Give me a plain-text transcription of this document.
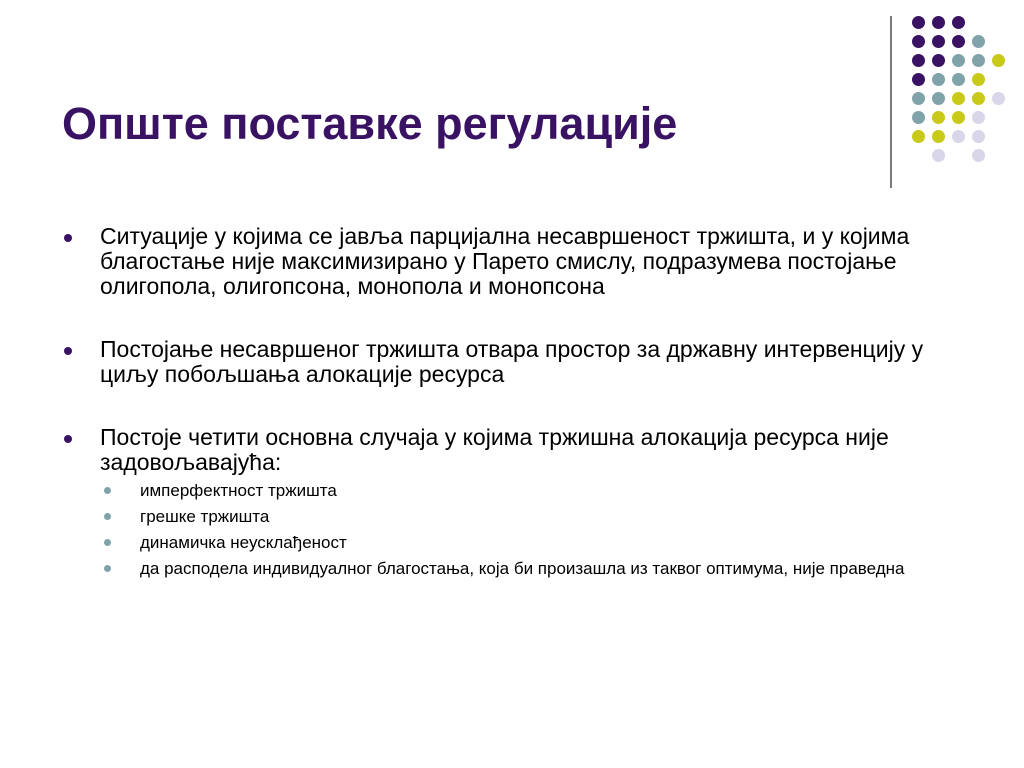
Опште поставке регулације
Ситуације у којима се јавља парцијална несавршеност тржишта, и у којима благостање није максимизирано у Парето смислу, подразумева постојање олигопола, олигопсона, монопола и монопсона
Постојање несавршеног тржишта отвара простор за државну интервенцију у циљу побољшања алокације ресурса
Постоје четити основна случаја у којима тржишна алокација ресурса није задовољавајућа:
имперфектност тржишта
грешке тржишта
динамичка неусклађеност
да расподела индивидуалног благостања, која би произашла из таквог оптимума, није праведна
